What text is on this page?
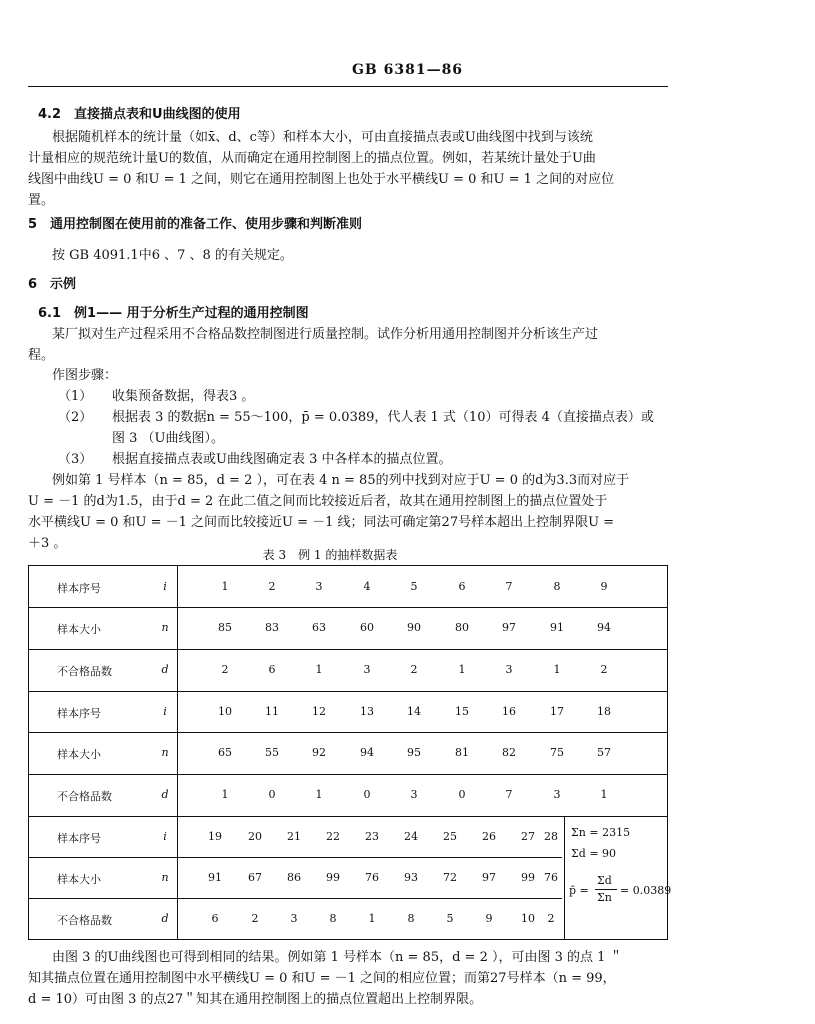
GB 6381—86
4.2　直接描点表和U曲线图的使用
根据随机样本的统计量（如x̄、d、c等）和样本大小，可由直接描点表或U曲线图中找到与该统
计量相应的规范统计量U的数值，从而确定在通用控制图上的描点位置。例如，若某统计量处于U曲
线图中曲线U = 0 和U = 1 之间，则它在通用控制图上也处于水平横线U = 0 和U = 1 之间的对应位
置。
5　通用控制图在使用前的准备工作、使用步骤和判断准则
按 GB 4091.1中6 、7 、8 的有关规定。
6　示例
6.1　例1—— 用于分析生产过程的通用控制图
某厂拟对生产过程采用不合格品数控制图进行质量控制。试作分析用通用控制图并分析该生产过
程。
作图步骤：
（1） 收集预备数据，得表3 。
（2） 根据表 3 的数据n = 55～100，p̄ = 0.0389，代人表 1 式（10）可得表 4（直接描点表）或
图 3 （U曲线图）。
（3） 根据直接描点表或U曲线图确定表 3 中各样本的描点位置。
例如第 1 号样本（n = 85，d = 2 ），可在表 4 n = 85的列中找到对应于U = 0 的d为3.3而对应于
U = －1 的d为1.5，由于d = 2 在此二值之间而比较接近后者，故其在通用控制图上的描点位置处于
水平横线U = 0 和U = －1 之间而比较接近U = －1 线；同法可确定第27号样本超出上控制界限U =
＋3 。
表 3　例 1 的抽样数据表
Σn = 2315
Σd = 90
p̄ =
Σd
Σn
= 0.0389
样本序号	i	1	2	3	4	5	6	7	8	9
样本大小	n	85	83	63	60	90	80	97	91	94
不合格品数	d	2	6	1	3	2	1	3	1	2
样本序号	i	10	11	12	13	14	15	16	17	18
样本大小	n	65	55	92	94	95	81	82	75	57
不合格品数	d	1	0	1	0	3	0	7	3	1
样本序号	i	19 20 21 22 23 24 25 26 27 28
样本大小	n	91 67 86 99 76 93 72 97 99 76
不合格品数	d	6	2	3	8	1	8	5	9	10 2
由图 3 的U曲线图也可得到相同的结果。例如第 1 号样本（n = 85，d = 2 ），可由图 3 的点 1 ＂
知其描点位置在通用控制图中水平横线U = 0 和U = －1 之间的相应位置；而第27号样本（n = 99，
d = 10）可由图 3 的点27＂知其在通用控制图上的描点位置超出上控制界限。
